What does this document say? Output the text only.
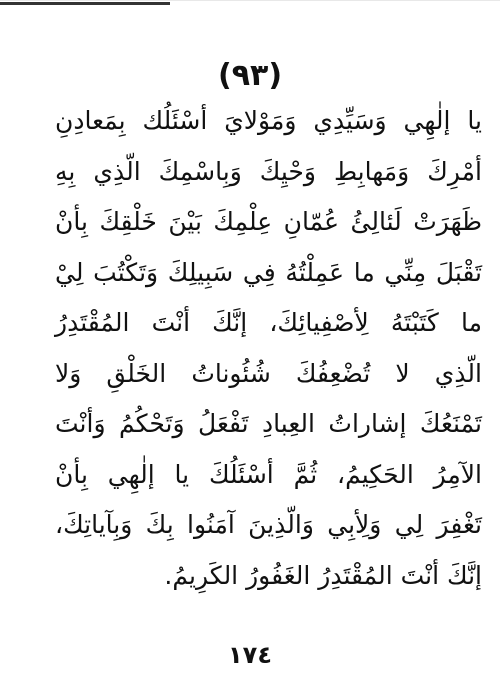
(٩٣)
يا إلٰهِي وَسَيِّدِي وَمَوْلايَ أسْئَلُك بِمَعادِنِ
أمْرِكَ وَمَهابِطِ وَحْيِكَ وَبِاسْمِكَ الّذِي بِهِ
ظَهَرَتْ لَئالِئُ عُمّانِ عِلْمِكَ بَيْنَ خَلْقِكَ بِأنْ
تَقْبَلَ مِنِّي ما عَمِلْتُهُ فِي سَبِيلِكَ وَتَكْتُبَ لِيْ
ما كَتَبْتَهُ لِأصْفِيائِكَ، إنَّكَ أنْتَ المُقْتَدِرُ
الّذِي لا تُضْعِفُكَ شُئُوناتُ الخَلْقِ وَلا
تَمْنَعُكَ إشاراتُ العِبادِ تَفْعَلُ وَتَحْكُمُ وَأنْتَ
الآمِرُ الحَكِيمُ، ثُمَّ أسْئَلُكَ يا إلٰهِي بِأنْ
تَغْفِرَ لِي وَلِأبِي وَالّذِينَ آمَنُوا بِكَ وَبِآياتِكَ،
إنَّكَ أنْتَ المُقْتَدِرُ الغَفُورُ الكَرِيمُ.
١٧٤
